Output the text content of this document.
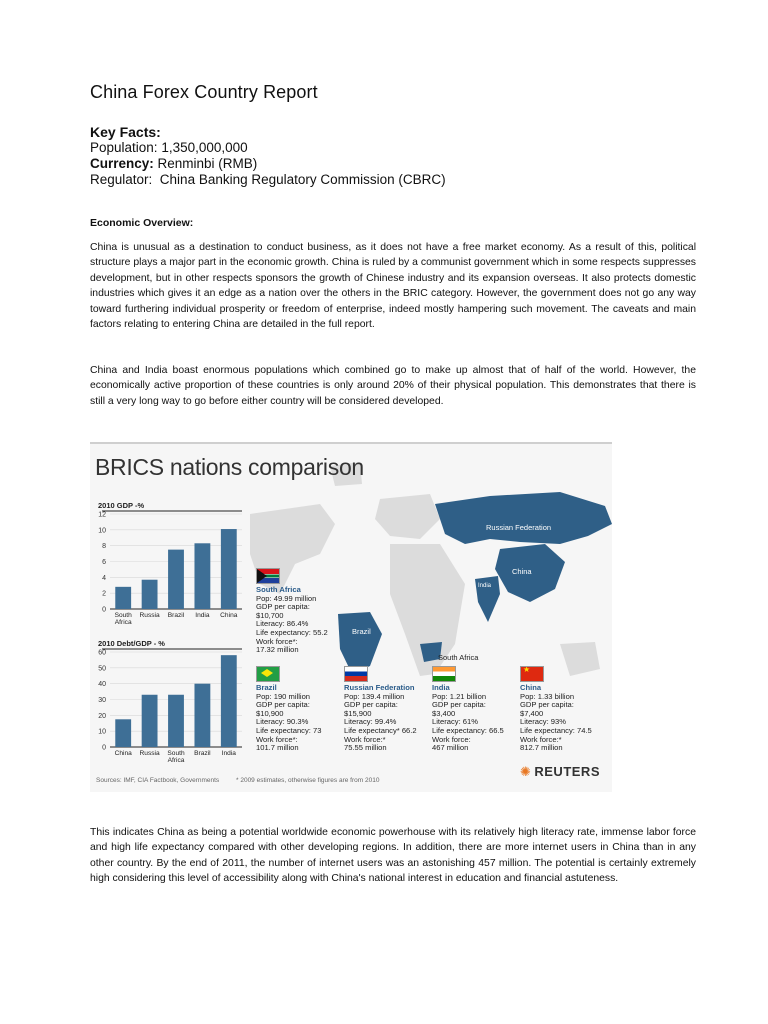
China Forex Country Report
Key Facts:
Population: 1,350,000,000
Currency: Renminbi (RMB)
Regulator:  China Banking Regulatory Commission (CBRC)
Economic Overview:

China is unusual as a destination to conduct business, as it does not have a free market economy. As a result of this, political structure plays a major part in the economic growth. China is ruled by a communist government which in some respects suppresses development, but in other respects sponsors the growth of Chinese industry and its expansion overseas. It also protects domestic industries which gives it an edge as a nation over the others in the BRIC category. However, the government does not go any way toward furthering individual prosperity or freedom of enterprise, indeed mostly hampering such movement. The caveats and main factors relating to entering China are detailed in the full report.

China and India boast enormous populations which combined go to make up almost that of half of the world. However, the economically active proportion of these countries is only around 20% of their physical population. This demonstrates that there is still a very long way to go before either country will be considered developed.

Russian Federation
China
India
Brazil
South Africa
2010 GDP -%
0
2
4
6
8
10
12
South
Africa
Russia Brazil India China
2010 Debt/GDP - %
0
10
20
30
40
50
60
China Russia South
Africa
Brazil India
BRICS nations comparison
South Africa
Pop: 49.99 million
GDP per capita:
$10,700
Literacy: 86.4%
Life expectancy: 55.2
Work force*:
17.32 million
Brazil
Pop: 190 million
GDP per capita:
$10,900
Literacy: 90.3%
Life expectancy: 73
Work force*:
101.7 million
Russian Federation
Pop: 139.4 million
GDP per capita:
$15,900
Literacy: 99.4%
Life expectancy* 66.2
Work force:*
75.55 million
India
Pop: 1.21 billion
GDP per capita:
$3,400
Literacy: 61%
Life expectancy: 66.5
Work force:
467 million
★
China
Pop: 1.33 billion
GDP per capita:
$7,400
Literacy: 93%
Life expectancy: 74.5
Work force:*
812.7 million
Sources: IMF, CIA Factbook, Governments	* 2009 estimates, otherwise figures are from 2010
✺ REUTERS

This indicates China as being a potential worldwide economic powerhouse with its relatively high literacy rate, immense labor force and high life expectancy compared with other developing regions. In addition, there are more internet users in China than in any other country. By the end of 2011, the number of internet users was an astonishing 457 million. The potential is certainly extremely high considering this level of accessibility along with China's national interest in education and financial astuteness.
